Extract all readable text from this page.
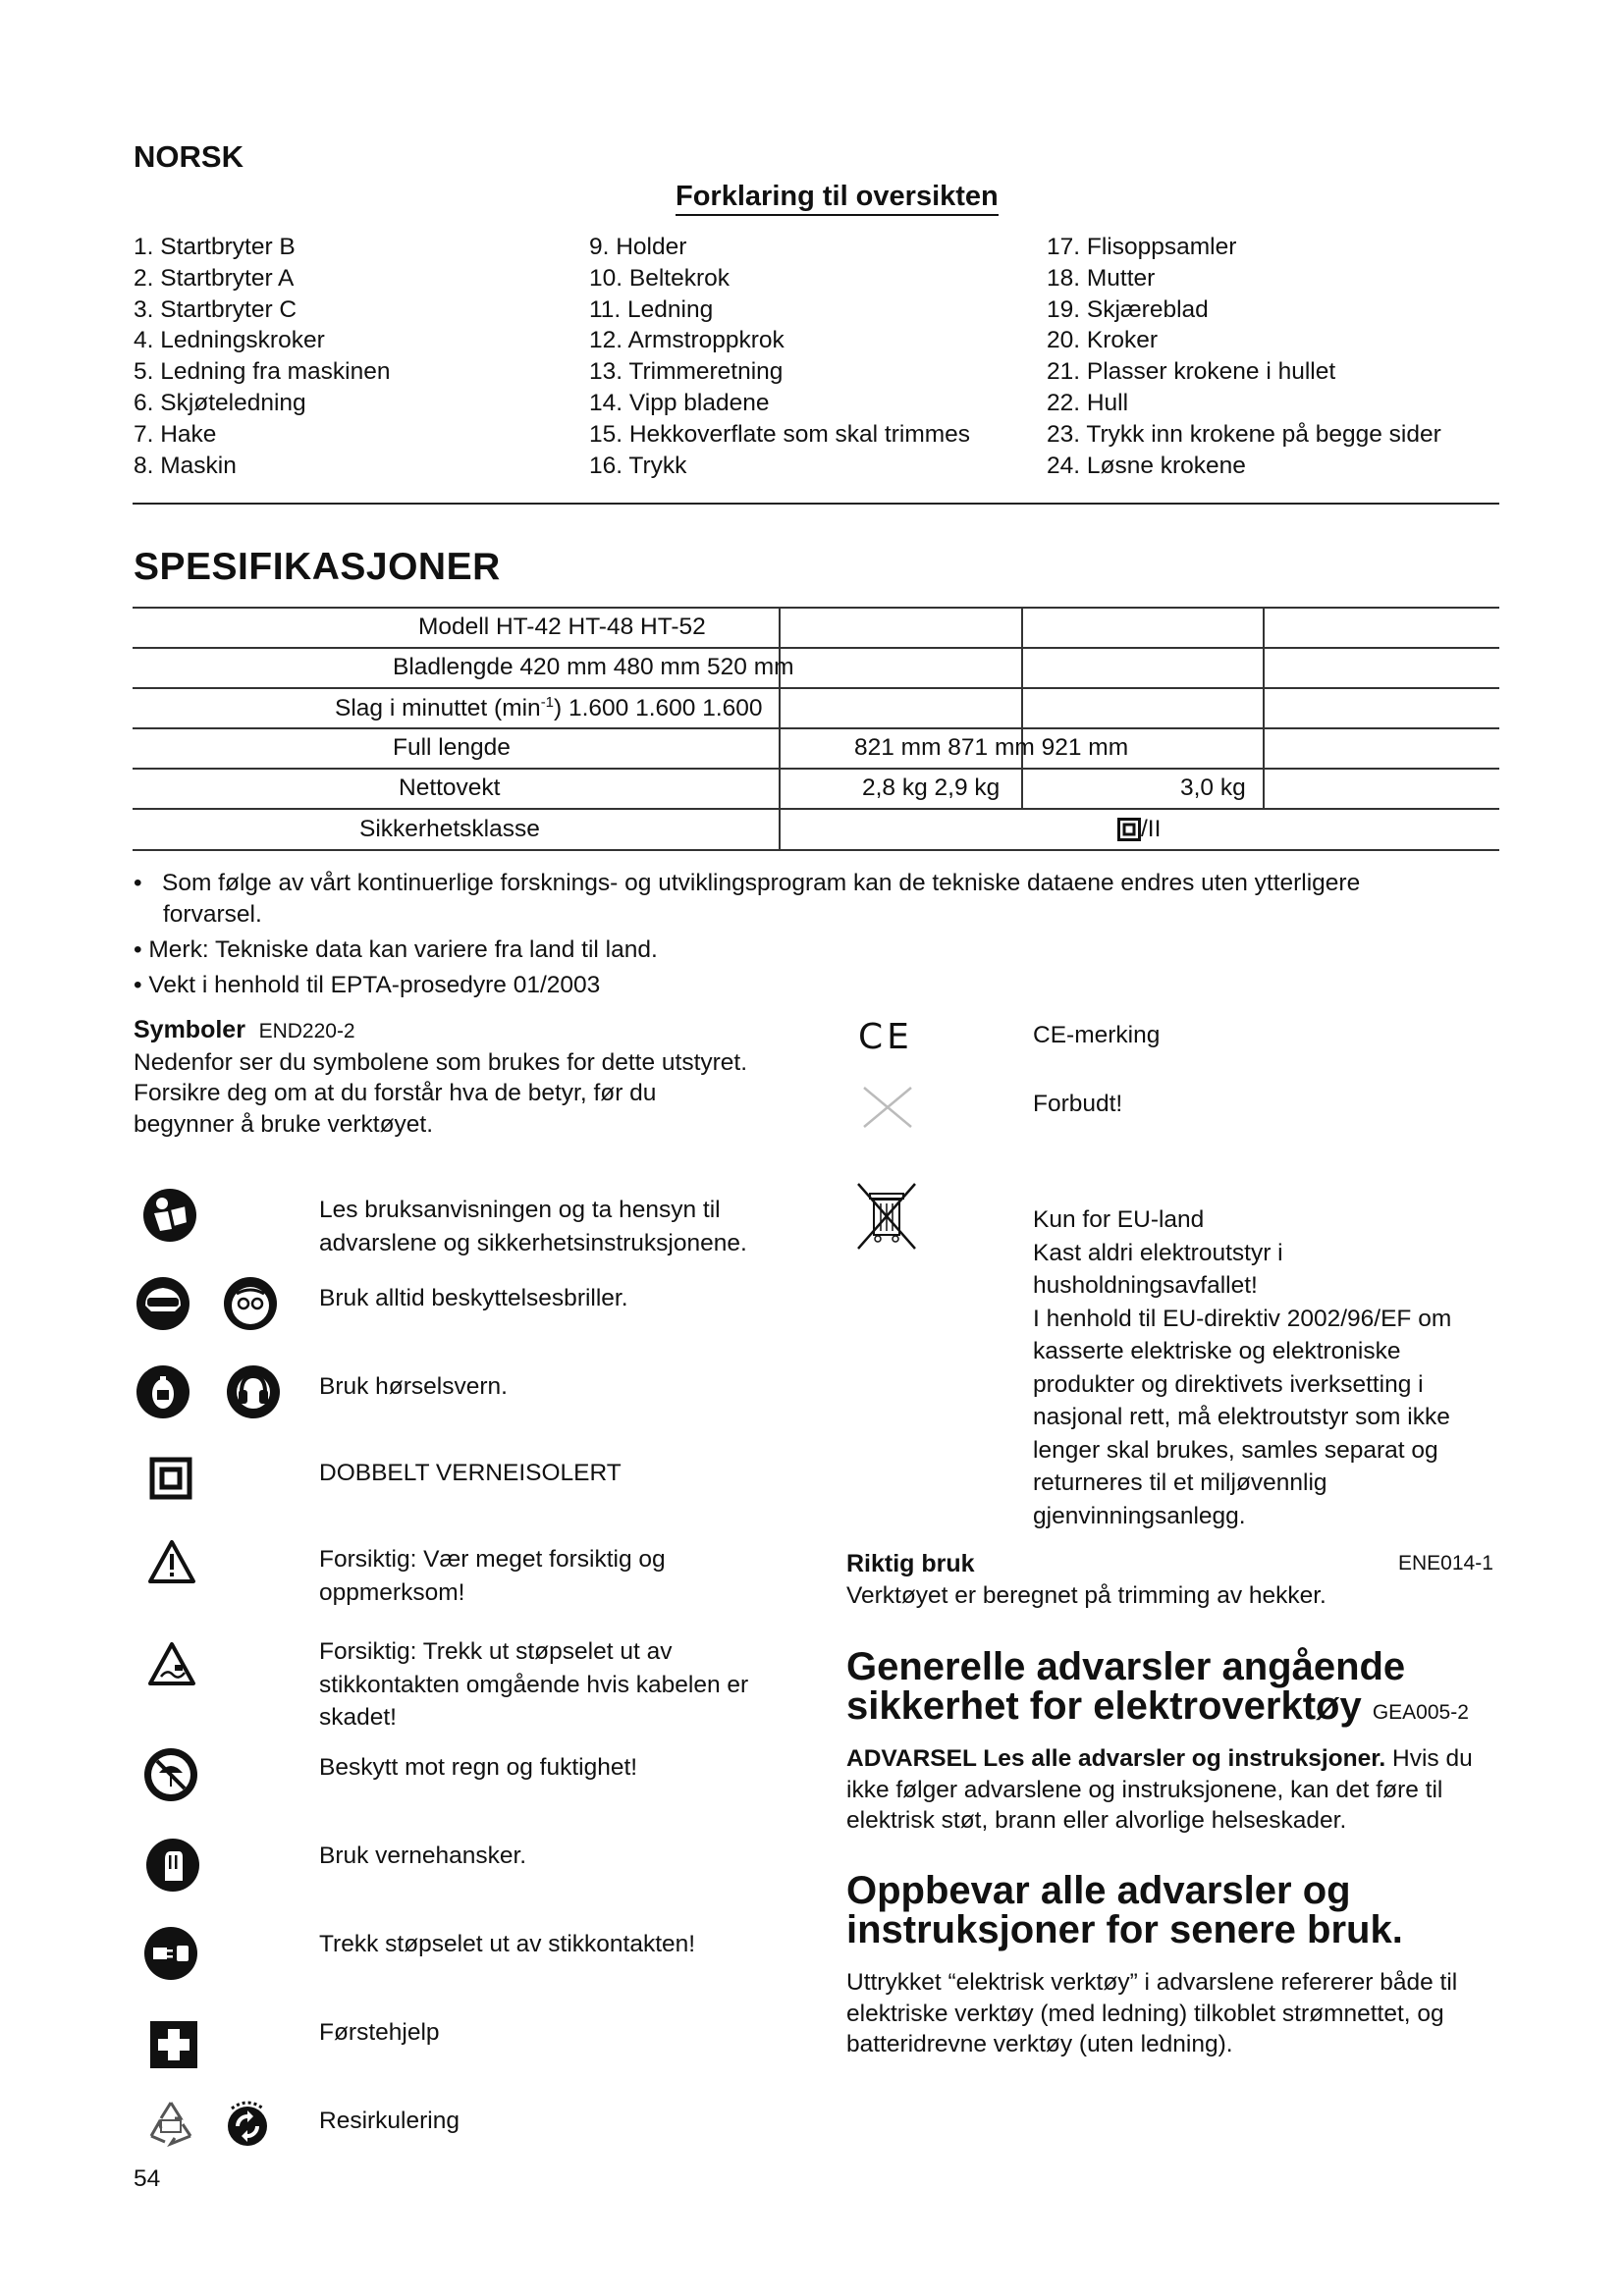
NORSK
Forklaring til oversikten
1. Startbryter B
2. Startbryter A
3. Startbryter C
4. Ledningskroker
5. Ledning fra maskinen
6. Skjøteledning
7. Hake
8. Maskin
9. Holder
10. Beltekrok
11. Ledning
12. Armstroppkrok
13. Trimmeretning
14. Vipp bladene
15. Hekkoverflate som skal trimmes
16. Trykk
17. Flisoppsamler
18. Mutter
19. Skjæreblad
20. Kroker
21. Plasser krokene i hullet
22. Hull
23. Trykk inn krokene på begge sider
24. Løsne krokene
SPESIFIKASJONER
Modell HT-42 HT-48 HT-52
Bladlengde 420 mm 480 mm 520 mm
Slag i minuttet $(\min^{-1})$ 1.600 1.600 1.600
Full lengde	821 mm 871 mm 921 mm
Nettovekt	2,8 kg 2,9 kg	3,0 kg
Sikkerhetsklasse	/II
• Som følge av vårt kontinuerlige forsknings- og utviklingsprogram kan de tekniske dataene endres uten ytterligere
forvarsel.
• Merk: Tekniske data kan variere fra land til land.
• Vekt i henhold til EPTA-prosedyre 01/2003
Symboler END220-2
Nedenfor ser du symbolene som brukes for dette utstyret.
Forsikre deg om at du forstår hva de betyr, før du begynner å bruke verktøyet.
Les bruksanvisningen og ta hensyn til advarslene og sikkerhetsinstruksjonene.
Bruk alltid beskyttelsesbriller.
Bruk hørselsvern.
DOBBELT VERNEISOLERT
Forsiktig: Vær meget forsiktig og oppmerksom!
Forsiktig: Trekk ut støpselet ut av stikkontakten omgående hvis kabelen er skadet!
Beskytt mot regn og fuktighet!
Bruk vernehansker.
Trekk støpselet ut av stikkontakten!
Førstehjelp
Resirkulering
CE	CE-merking
Forbudt!
Kun for EU-land
Kast aldri elektroutstyr i husholdningsavfallet!
I henhold til EU-direktiv 2002/96/EF om kasserte elektriske og elektroniske produkter og direktivets iverksetting i nasjonal rett, må elektroutstyr som ikke lenger skal brukes, samles separat og returneres til et miljøvennlig gjenvinningsanlegg.
Riktig bruk	ENE014-1
Verktøyet er beregnet på trimming av hekker.
Generelle advarsler angående sikkerhet for elektroverktøy GEA005-2
ADVARSEL Les alle advarsler og instruksjoner. Hvis du ikke følger advarslene og instruksjonene, kan det føre til elektrisk støt, brann eller alvorlige helseskader.
Oppbevar alle advarsler og instruksjoner for senere bruk.
Uttrykket “elektrisk verktøy” i advarslene refererer både til elektriske verktøy (med ledning) tilkoblet strømnettet, og batteridrevne verktøy (uten ledning).
54
